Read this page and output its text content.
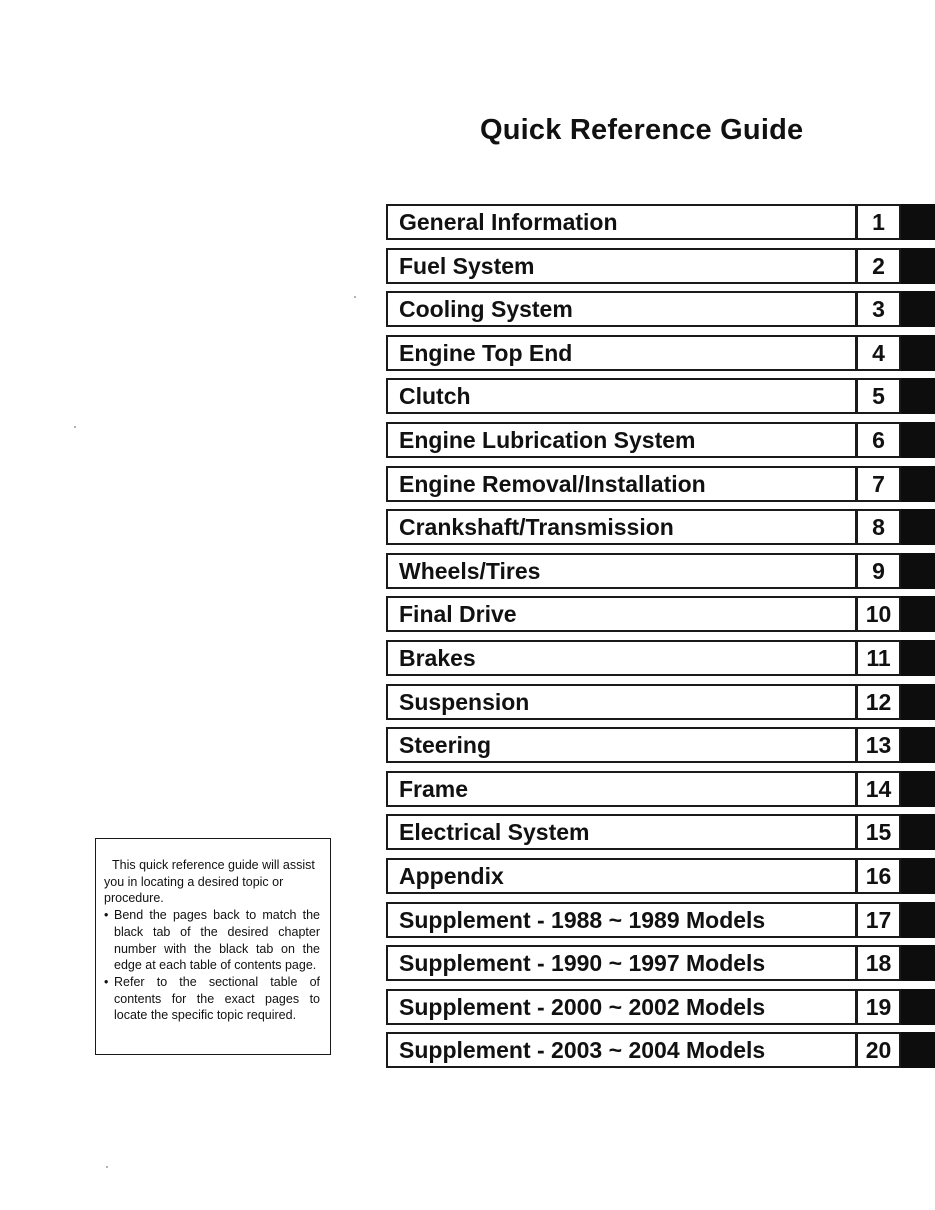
Quick Reference Guide
General Information	1
Fuel System	2
Cooling System	3
Engine Top End	4
Clutch	5
Engine Lubrication System	6
Engine Removal/Installation	7
Crankshaft/Transmission	8
Wheels/Tires	9
Final Drive	10
Brakes	11
Suspension	12
Steering	13
Frame	14
Electrical System	15
Appendix	16
Supplement - 1988 ~ 1989 Models	17
Supplement - 1990 ~ 1997 Models	18
Supplement - 2000 ~ 2002 Models	19
Supplement - 2003 ~ 2004 Models	20

This quick reference guide will assist you in locating a desired topic or procedure.

• Bend the pages back to match the black tab of the desired chapter number with the black tab on the edge at each table of contents page.

• Refer to the sectional table of contents for the exact pages to locate the specific topic required.
